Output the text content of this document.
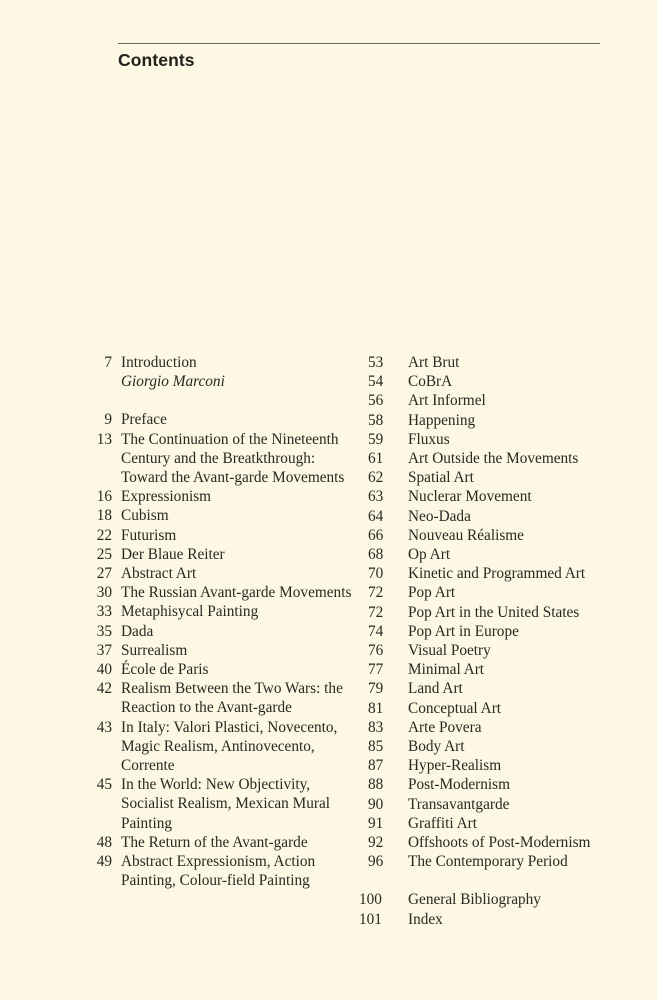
Contents
7 Introduction
Giorgio Marconi
9 Preface
13 The Continuation of the Nineteenth Century and the Breatkthrough: Toward the Avant-garde Movements
16 Expressionism
18 Cubism
22 Futurism
25 Der Blaue Reiter
27 Abstract Art
30 The Russian Avant-garde Movements
33 Metaphisycal Painting
35 Dada
37 Surrealism
40 École de Paris
42 Realism Between the Two Wars: the Reaction to the Avant-garde
43 In Italy: Valori Plastici, Novecento, Magic Realism, Antinovecento, Corrente
45 In the World: New Objectivity, Socialist Realism, Mexican Mural Painting
48 The Return of the Avant-garde
49 Abstract Expressionism, Action Painting, Colour-field Painting
53	Art Brut
54	CoBrA
56	Art Informel
58	Happening
59	Fluxus
61	Art Outside the Movements
62	Spatial Art
63	Nuclerar Movement
64	Neo-Dada
66	Nouveau Réalisme
68	Op Art
70	Kinetic and Programmed Art
72	Pop Art
72	Pop Art in the United States
74	Pop Art in Europe
76	Visual Poetry
77	Minimal Art
79	Land Art
81	Conceptual Art
83	Arte Povera
85	Body Art
87	Hyper-Realism
88	Post-Modernism
90	Transavantgarde
91	Graffiti Art
92	Offshoots of Post-Modernism
96	The Contemporary Period
100	General Bibliography
101	Index
